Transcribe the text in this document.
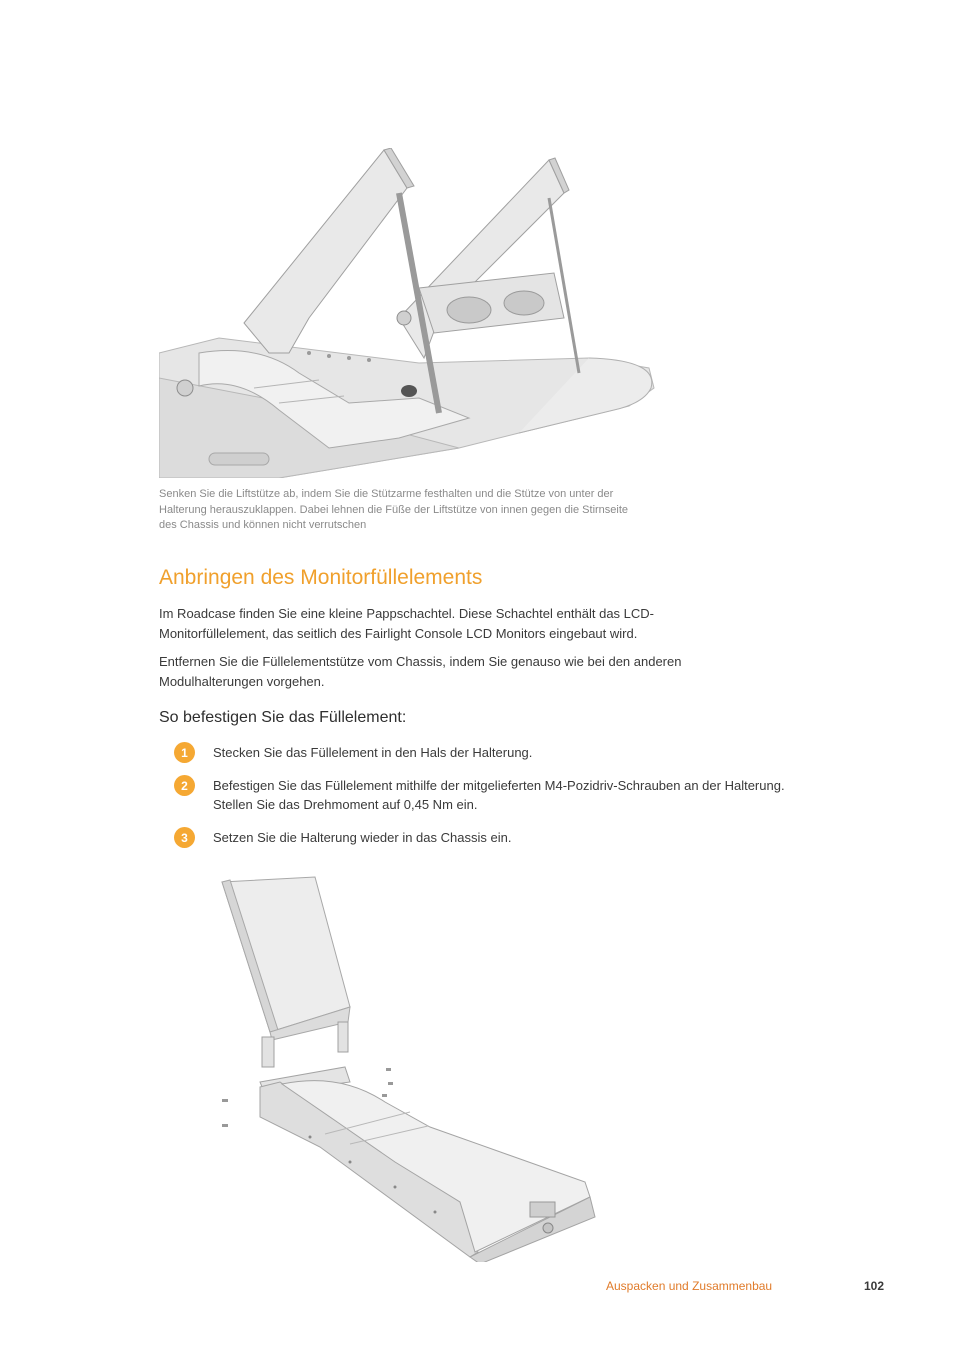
Senken Sie die Liftstütze ab, indem Sie die Stützarme festhalten und die Stütze von unter der Halterung herauszuklappen. Dabei lehnen die Füße der Liftstütze von innen gegen die Stirnseite des Chassis und können nicht verrutschen
Anbringen des Monitorfüllelements

Im Roadcase finden Sie eine kleine Pappschachtel. Diese Schachtel enthält das LCD-Monitorfüllelement, das seitlich des Fairlight Console LCD Monitors eingebaut wird.

Entfernen Sie die Füllelementstütze vom Chassis, indem Sie genauso wie bei den anderen Modulhalterungen vorgehen.

So befestigen Sie das Füllelement:
1	Stecken Sie das Füllelement in den Hals der Halterung.
2	Befestigen Sie das Füllelement mithilfe der mitgelieferten M4-Pozidriv-Schrauben an der Halterung. Stellen Sie das Drehmoment auf 0,45 Nm ein.
3	Setzen Sie die Halterung wieder in das Chassis ein.
Auspacken und Zusammenbau	102
